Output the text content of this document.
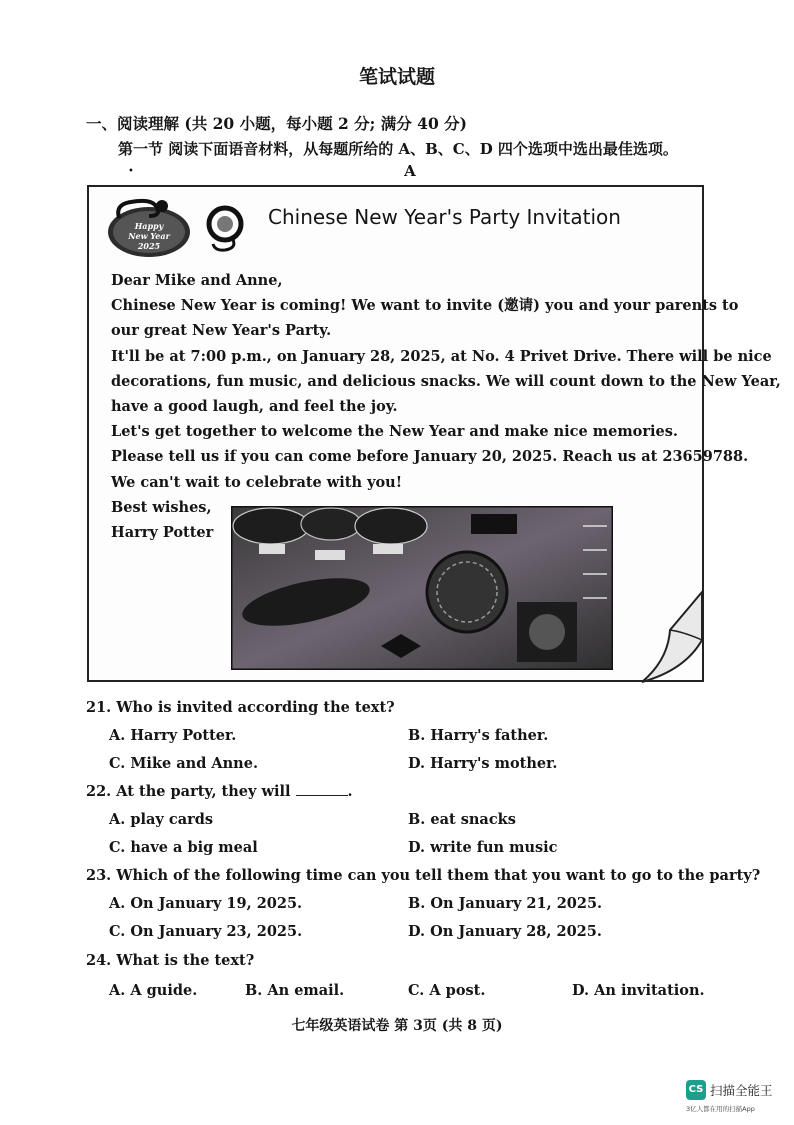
笔试试题
一、阅读理解 (共 20 小题，每小题 2 分; 满分 40 分)
第一节 阅读下面语音材料，从每题所给的 A、B、C、D 四个选项中选出最佳选项。
•	A
Happy
New Year
2025
Chinese New Year's Party Invitation
Dear Mike and Anne,
Chinese New Year is coming! We want to invite (邀请) you and your parents to
our great New Year's Party.
It'll be at 7:00 p.m., on January 28, 2025, at No. 4 Privet Drive. There will be nice
decorations, fun music, and delicious snacks. We will count down to the New Year,
have a good laugh, and feel the joy.
Let's get together to welcome the New Year and make nice memories.
Please tell us if you can come before January 20, 2025. Reach us at 23659788.
We can't wait to celebrate with you!
Best wishes,
Harry Potter
21. Who is invited according the text?
A. Harry Potter.	B. Harry's father.
C. Mike and Anne.	D. Harry's mother.
22. At the party, they will	.
A. play cards	B. eat snacks
C. have a big meal	D. write fun music
23. Which of the following time can you tell them that you want to go to the party?
A. On January 19, 2025.	B. On January 21, 2025.
C. On January 23, 2025.	D. On January 28, 2025.
24. What is the text?
A. A guide.	B. An email.	C. A post.	D. An invitation.
七年级英语试卷 第 3页 (共 8 页)
CS 扫描全能王
3亿人都在用的扫描App
